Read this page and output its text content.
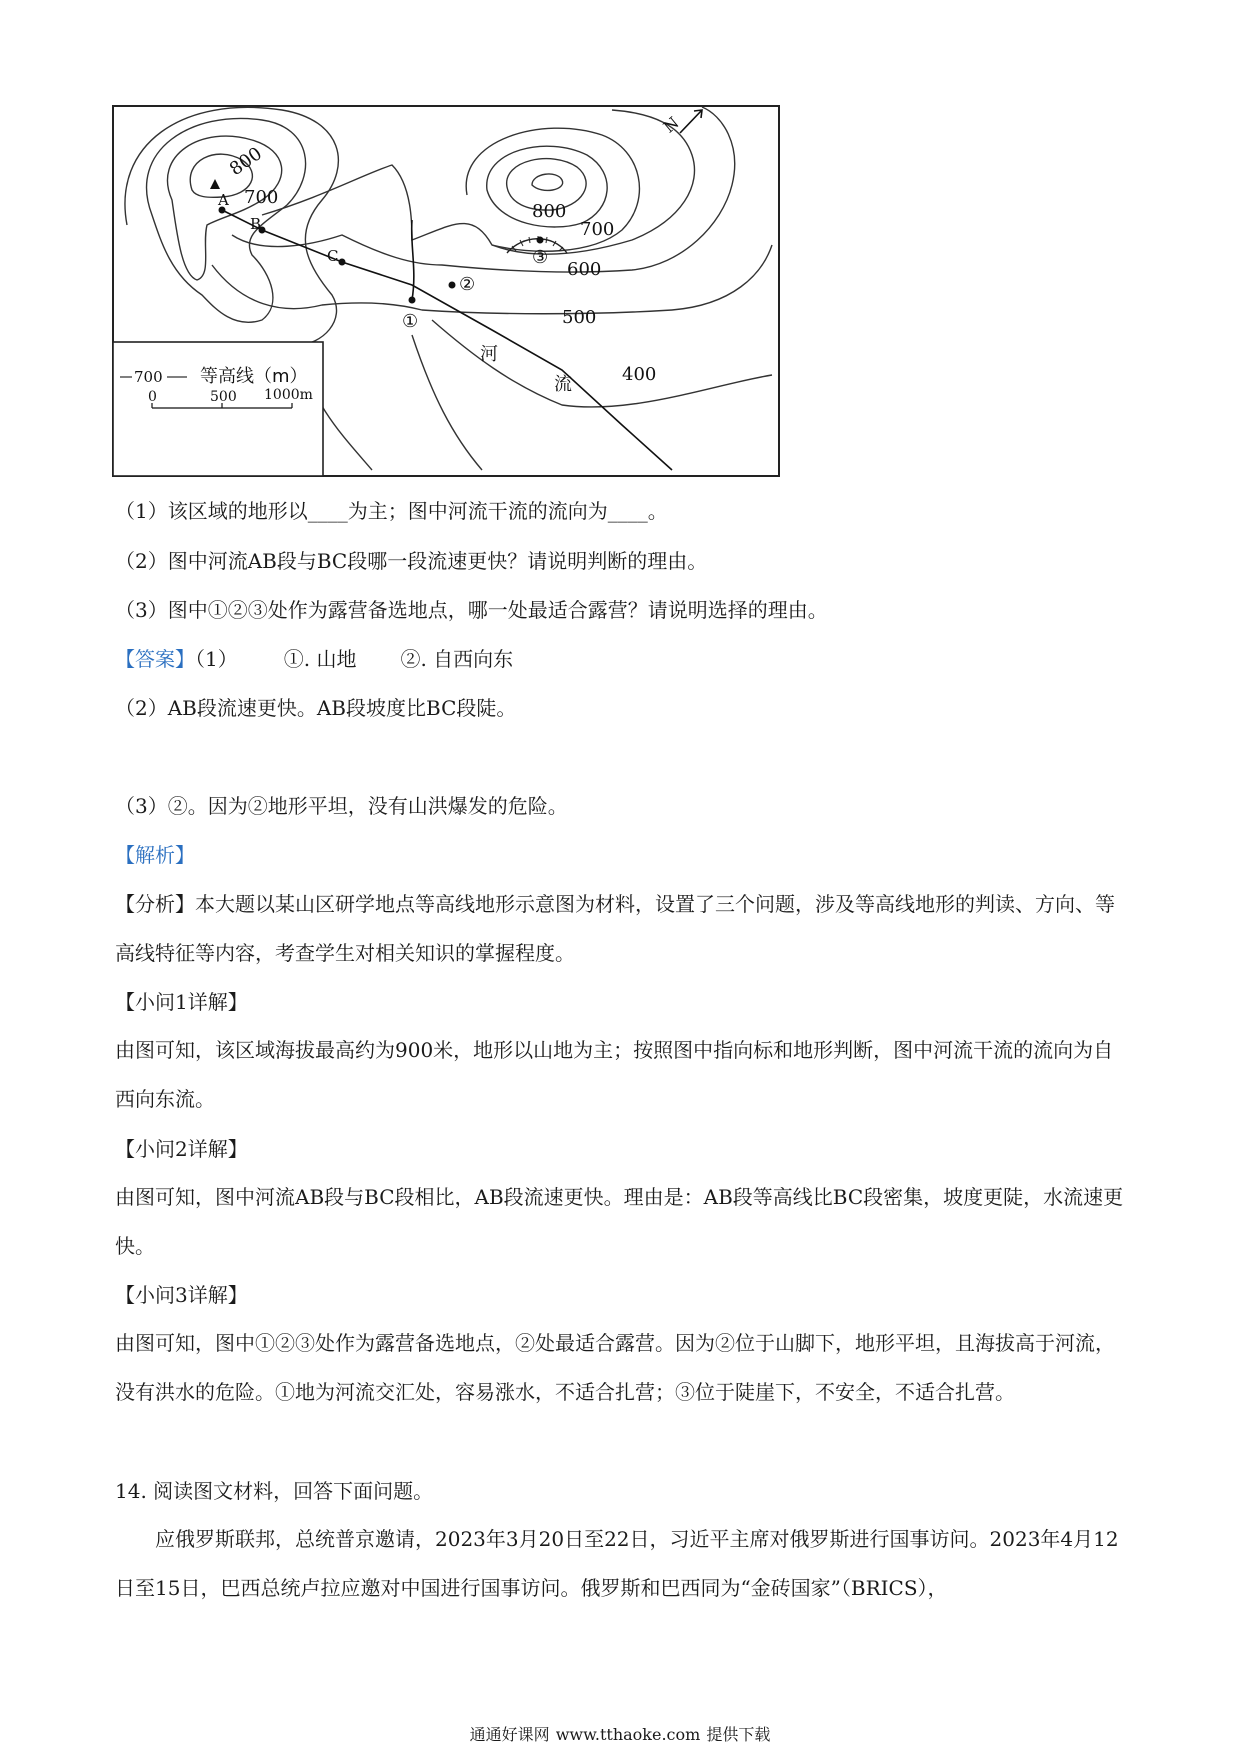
800
700
800
700
600
500
400
A
B
C
①
②
③
河
流
N
700 等高线（m）
0	500 1000m
（1）该区域的地形以____为主；图中河流干流的流向为____。
（2）图中河流AB段与BC段哪一段流速更快？请说明判断的理由。
（3）图中①②③处作为露营备选地点，哪一处最适合露营？请说明选择的理由。
【答案】（1） ①. 山地 ②. 自西向东
（2）AB段流速更快。AB段坡度比BC段陡。
（3）②。因为②地形平坦，没有山洪爆发的危险。
【解析】
【分析】本大题以某山区研学地点等高线地形示意图为材料，设置了三个问题，涉及等高线地形的判读、方向、等高线特征等内容，考查学生对相关知识的掌握程度。
【小问1详解】
由图可知，该区域海拔最高约为900米，地形以山地为主；按照图中指向标和地形判断，图中河流干流的流向为自西向东流。
【小问2详解】
由图可知，图中河流AB段与BC段相比，AB段流速更快。理由是：AB段等高线比BC段密集，坡度更陡，水流速更快。
【小问3详解】
由图可知，图中①②③处作为露营备选地点，②处最适合露营。因为②位于山脚下，地形平坦，且海拔高于河流，没有洪水的危险。①地为河流交汇处，容易涨水，不适合扎营；③位于陡崖下，不安全，不适合扎营。
14. 阅读图文材料，回答下面问题。
应俄罗斯联邦，总统普京邀请，2023年3月20日至22日，习近平主席对俄罗斯进行国事访问。2023年4月12日至15日，巴西总统卢拉应邀对中国进行国事访问。俄罗斯和巴西同为“金砖国家”（BRICS），
通通好课网 www.tthaoke.com 提供下载
